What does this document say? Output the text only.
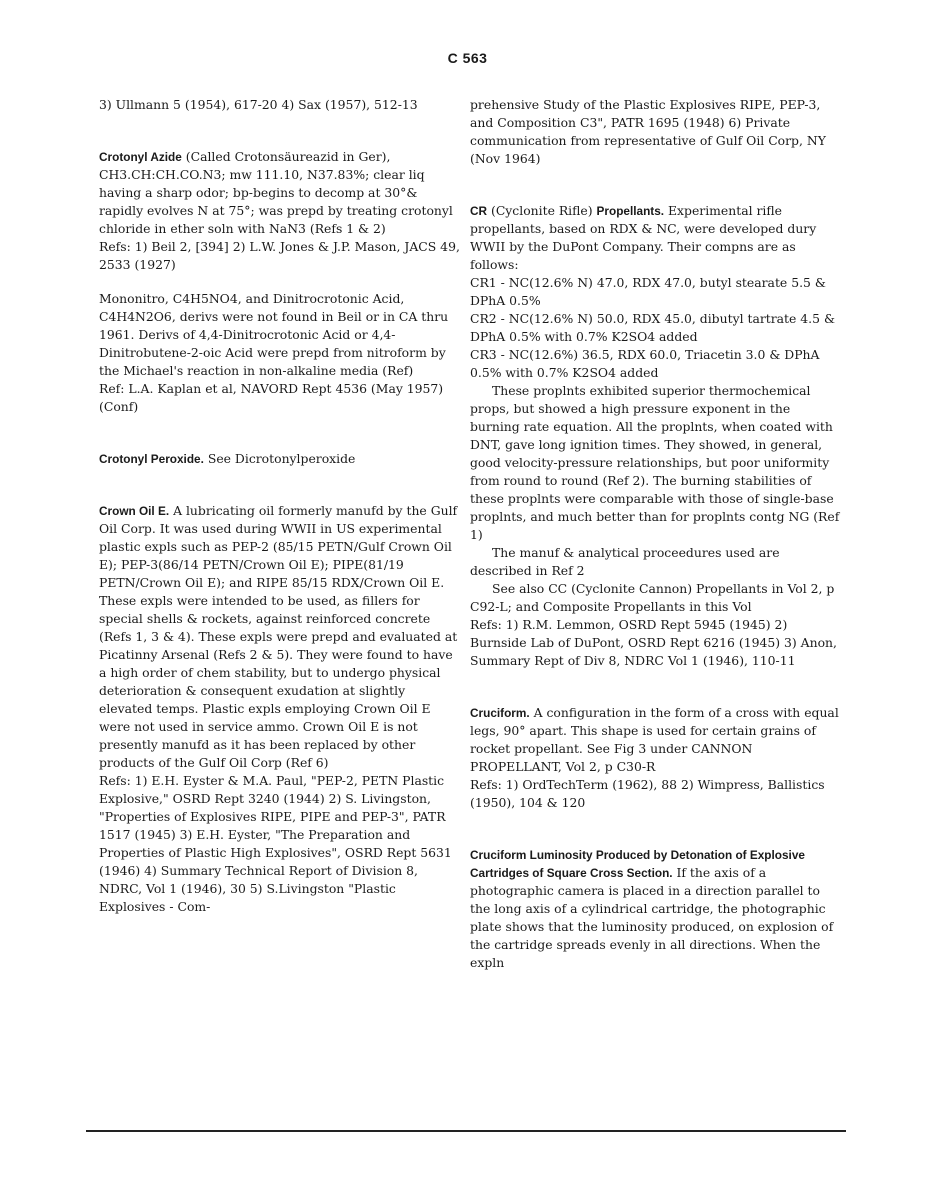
C 563

3) Ullmann 5 (1954), 617-20 4) Sax (1957), 512-13

Crotonyl Azide (Called Crotonsäureazid in Ger),

CH3.CH:CH.CO.N3; mw 111.10, N37.83%; clear liq having a sharp odor; bp-begins to decomp at 30°& rapidly evolves N at 75°; was prepd by treating crotonyl chloride in ether soln with NaN3 (Refs 1 & 2)

Refs: 1) Beil 2, [394] 2) L.W. Jones & J.P. Mason, JACS 49, 2533 (1927)

Mononitro, C4H5NO4, and Dinitrocrotonic Acid, C4H4N2O6, derivs were not found in Beil or in CA thru 1961. Derivs of 4,4-Dinitrocrotonic Acid or 4,4-Dinitrobutene-2-oic Acid were prepd from nitroform by the Michael's reaction in non-alkaline media (Ref)

Ref: L.A. Kaplan et al, NAVORD Rept 4536 (May 1957) (Conf)

Crotonyl Peroxide. See Dicrotonylperoxide

Crown Oil E. A lubricating oil formerly manufd by the Gulf Oil Corp. It was used during WWII in US experimental plastic expls such as PEP-2 (85/15 PETN/Gulf Crown Oil E); PEP-3(86/14 PETN/Crown Oil E); PIPE(81/19 PETN/Crown Oil E); and RIPE 85/15 RDX/Crown Oil E. These expls were intended to be used, as fillers for special shells & rockets, against reinforced concrete (Refs 1, 3 & 4). These expls were prepd and evaluated at Picatinny Arsenal (Refs 2 & 5). They were found to have a high order of chem stability, but to undergo physical deterioration & consequent exudation at slightly elevated temps. Plastic expls employing Crown Oil E were not used in service ammo. Crown Oil E is not presently manufd as it has been replaced by other products of the Gulf Oil Corp (Ref 6)

Refs: 1) E.H. Eyster & M.A. Paul, "PEP-2, PETN Plastic Explosive," OSRD Rept 3240 (1944) 2) S. Livingston, "Properties of Explosives RIPE, PIPE and PEP-3", PATR 1517 (1945) 3) E.H. Eyster, "The Preparation and Properties of Plastic High Explosives", OSRD Rept 5631 (1946) 4) Summary Technical Report of Division 8, NDRC, Vol 1 (1946), 30 5) S.Livingston "Plastic Explosives - Com-

prehensive Study of the Plastic Explosives RIPE, PEP-3, and Composition C3", PATR 1695 (1948) 6) Private communication from representative of Gulf Oil Corp, NY (Nov 1964)

CR (Cyclonite Rifle) Propellants. Experimental rifle propellants, based on RDX & NC, were developed dury WWII by the DuPont Company. Their compns are as follows:

CR1 - NC(12.6% N) 47.0, RDX 47.0, butyl stearate 5.5 & DPhA 0.5%

CR2 - NC(12.6% N) 50.0, RDX 45.0, dibutyl tartrate 4.5 & DPhA 0.5% with 0.7% K2SO4 added

CR3 - NC(12.6%) 36.5, RDX 60.0, Triacetin 3.0 & DPhA 0.5% with 0.7% K2SO4 added

These proplnts exhibited superior thermochemical props, but showed a high pressure exponent in the burning rate equation. All the proplnts, when coated with DNT, gave long ignition times. They showed, in general, good velocity-pressure relationships, but poor uniformity from round to round (Ref 2). The burning stabilities of these proplnts were comparable with those of single-base proplnts, and much better than for proplnts contg NG (Ref 1)

The manuf & analytical proceedures used are described in Ref 2

See also CC (Cyclonite Cannon) Propellants in Vol 2, p C92-L; and Composite Propellants in this Vol

Refs: 1) R.M. Lemmon, OSRD Rept 5945 (1945) 2) Burnside Lab of DuPont, OSRD Rept 6216 (1945) 3) Anon, Summary Rept of Div 8, NDRC Vol 1 (1946), 110-11

Cruciform. A configuration in the form of a cross with equal legs, 90° apart. This shape is used for certain grains of rocket propellant. See Fig 3 under CANNON PROPELLANT, Vol 2, p C30-R

Refs: 1) OrdTechTerm (1962), 88 2) Wimpress, Ballistics (1950), 104 & 120

Cruciform Luminosity Produced by Detonation of Explosive Cartridges of Square Cross Section. If the axis of a photographic camera is placed in a direction parallel to the long axis of a cylindrical cartridge, the photographic plate shows that the luminosity produced, on explosion of the cartridge spreads evenly in all directions. When the expln
